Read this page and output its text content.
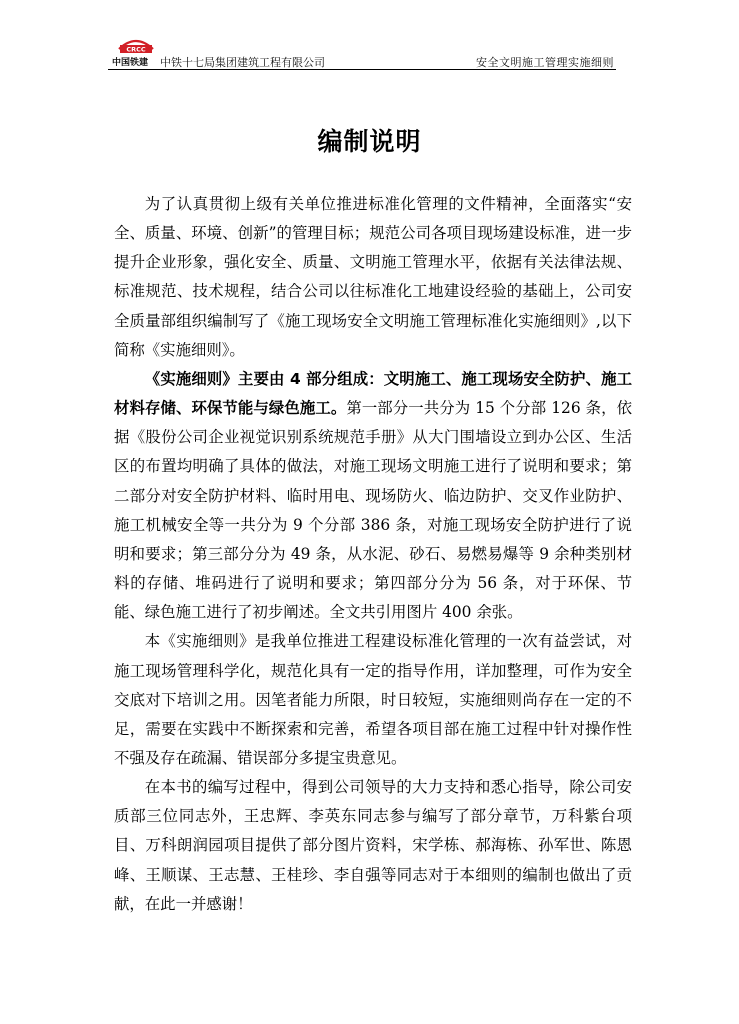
CRCC
中国铁建 中铁十七局集团建筑工程有限公司	安全文明施工管理实施细则
编制说明

为了认真贯彻上级有关单位推进标准化管理的文件精神，全面落实“安全、质量、环境、创新”的管理目标；规范公司各项目现场建设标准，进一步提升企业形象，强化安全、质量、文明施工管理水平，依据有关法律法规、标准规范、技术规程，结合公司以往标准化工地建设经验的基础上，公司安全质量部组织编制写了《施工现场安全文明施工管理标准化实施细则》,以下简称《实施细则》。

《实施细则》主要由 4 部分组成：文明施工、施工现场安全防护、施工材料存储、环保节能与绿色施工。第一部分一共分为 15 个分部 126 条，依据《股份公司企业视觉识别系统规范手册》从大门围墙设立到办公区、生活区的布置均明确了具体的做法，对施工现场文明施工进行了说明和要求；第二部分对安全防护材料、临时用电、现场防火、临边防护、交叉作业防护、施工机械安全等一共分为 9 个分部 386 条，对施工现场安全防护进行了说明和要求；第三部分分为 49 条，从水泥、砂石、易燃易爆等 9 余种类别材料的存储、堆码进行了说明和要求；第四部分分为 56 条，对于环保、节能、绿色施工进行了初步阐述。全文共引用图片 400 余张。

本《实施细则》是我单位推进工程建设标准化管理的一次有益尝试，对施工现场管理科学化，规范化具有一定的指导作用，详加整理，可作为安全交底对下培训之用。因笔者能力所限，时日较短，实施细则尚存在一定的不足，需要在实践中不断探索和完善，希望各项目部在施工过程中针对操作性不强及存在疏漏、错误部分多提宝贵意见。

在本书的编写过程中，得到公司领导的大力支持和悉心指导，除公司安质部三位同志外，王忠辉、李英东同志参与编写了部分章节，万科紫台项目、万科朗润园项目提供了部分图片资料，宋学栋、郝海栋、孙军世、陈恩峰、王顺谋、王志慧、王桂珍、李自强等同志对于本细则的编制也做出了贡献，在此一并感谢！
